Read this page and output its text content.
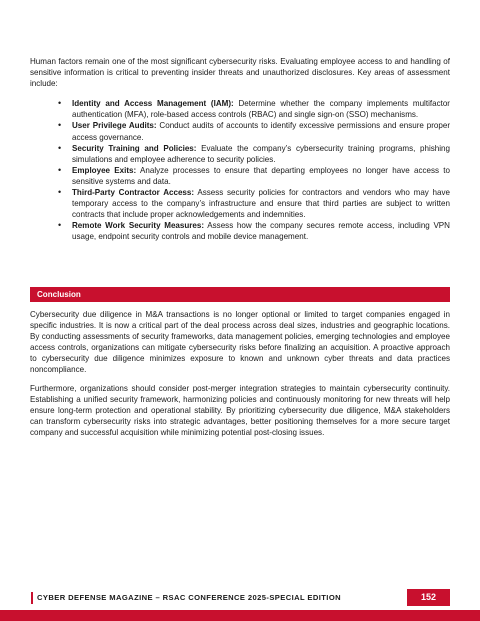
Human factors remain one of the most significant cybersecurity risks. Evaluating employee access to and handling of sensitive information is critical to preventing insider threats and unauthorized disclosures. Key areas of assessment include:

• Identity and Access Management (IAM): Determine whether the company implements multifactor authentication (MFA), role-based access controls (RBAC) and single sign-on (SSO) mechanisms.
• User Privilege Audits: Conduct audits of accounts to identify excessive permissions and ensure proper access governance.
• Security Training and Policies: Evaluate the company’s cybersecurity training programs, phishing simulations and employee adherence to security policies.
• Employee Exits: Analyze processes to ensure that departing employees no longer have access to sensitive systems and data.
• Third-Party Contractor Access: Assess security policies for contractors and vendors who may have temporary access to the company’s infrastructure and ensure that third parties are subject to written contracts that include proper acknowledgements and indemnities.
• Remote Work Security Measures: Assess how the company secures remote access, including VPN usage, endpoint security controls and mobile device management.
Conclusion

Cybersecurity due diligence in M&A transactions is no longer optional or limited to target companies engaged in specific industries. It is now a critical part of the deal process across deal sizes, industries and geographic locations. By conducting assessments of security frameworks, data management policies, emerging technologies and employee access controls, organizations can mitigate cybersecurity risks before finalizing an acquisition. A proactive approach to cybersecurity due diligence minimizes exposure to known and unknown cyber threats and data practices noncompliance.

Furthermore, organizations should consider post-merger integration strategies to maintain cybersecurity continuity. Establishing a unified security framework, harmonizing policies and continuously monitoring for new threats will help ensure long-term protection and operational stability. By prioritizing cybersecurity due diligence, M&A stakeholders can transform cybersecurity risks into strategic advantages, better positioning themselves for a more secure target company and successful acquisition while minimizing potential post-closing issues.

CYBER DEFENSE MAGAZINE – RSAC CONFERENCE 2025-SPECIAL EDITION	152
